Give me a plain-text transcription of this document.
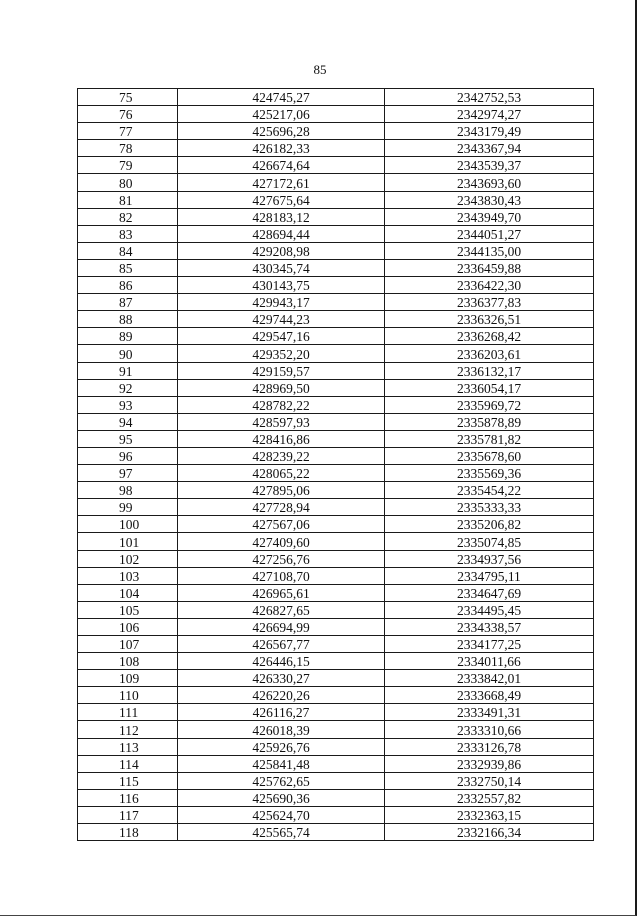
85
75	424745,27	2342752,53
76	425217,06	2342974,27
77	425696,28	2343179,49
78	426182,33	2343367,94
79	426674,64	2343539,37
80	427172,61	2343693,60
81	427675,64	2343830,43
82	428183,12	2343949,70
83	428694,44	2344051,27
84	429208,98	2344135,00
85	430345,74	2336459,88
86	430143,75	2336422,30
87	429943,17	2336377,83
88	429744,23	2336326,51
89	429547,16	2336268,42
90	429352,20	2336203,61
91	429159,57	2336132,17
92	428969,50	2336054,17
93	428782,22	2335969,72
94	428597,93	2335878,89
95	428416,86	2335781,82
96	428239,22	2335678,60
97	428065,22	2335569,36
98	427895,06	2335454,22
99	427728,94	2335333,33
100	427567,06	2335206,82
101	427409,60	2335074,85
102	427256,76	2334937,56
103	427108,70	2334795,11
104	426965,61	2334647,69
105	426827,65	2334495,45
106	426694,99	2334338,57
107	426567,77	2334177,25
108	426446,15	2334011,66
109	426330,27	2333842,01
110	426220,26	2333668,49
111	426116,27	2333491,31
112	426018,39	2333310,66
113	425926,76	2333126,78
114	425841,48	2332939,86
115	425762,65	2332750,14
116	425690,36	2332557,82
117	425624,70	2332363,15
118	425565,74	2332166,34
